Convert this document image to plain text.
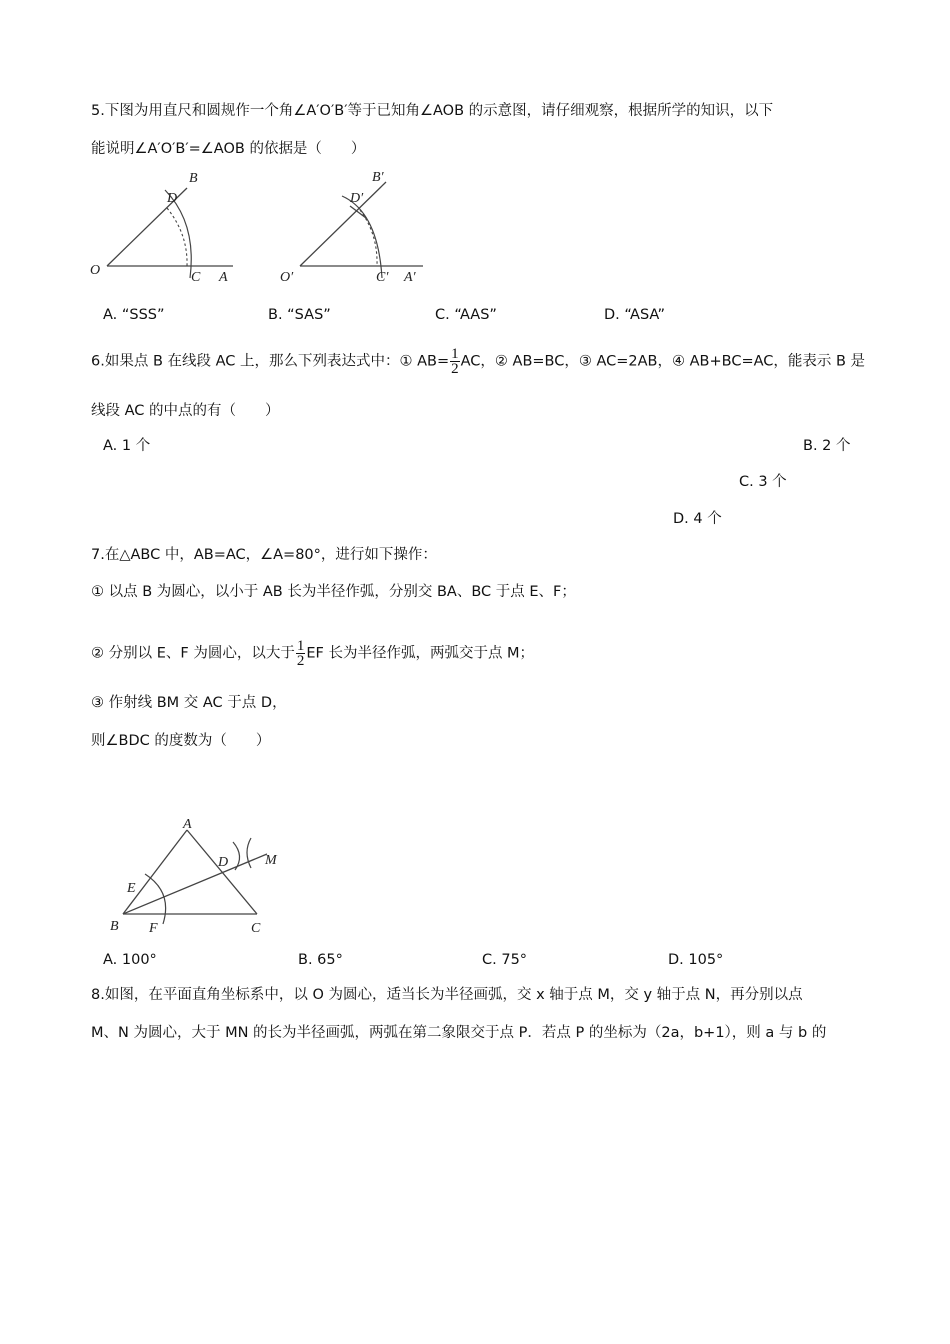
5.下图为用直尺和圆规作一个角∠A′O′B′等于已知角∠AOB 的示意图，请仔细观察，根据所学的知识，以下
能说明∠A′O′B′=∠AOB 的依据是（　　）
B
D
O	C A
B′
D′
O′	C′ A′
A. “SSS”	B. “SAS”	C. “AAS”	D. “ASA”
6.如果点 B 在线段 AC 上，那么下列表达式中：① $AB= \frac{1}{2}$ AC，② AB=BC，③ AC=2AB，④ AB+BC=AC，能表示 B 是
线段 AC 的中点的有（　　）
A. 1 个	B. 2 个
C. 3 个
D. 4 个
7.在△ABC 中，AB=AC，∠A=80°，进行如下操作：
① 以点 B 为圆心，以小于 AB 长为半径作弧，分别交 BA、BC 于点 E、F；
② 分别以 E、F 为圆心，以大于 $\frac{1}{2}$ EF 长为半径作弧，两弧交于点 M；
③ 作射线 BM 交 AC 于点 D，
则∠BDC 的度数为（　　）
A
D	M
E
B F	C
A. 100°	B. 65°	C. 75°	D. 105°
8.如图，在平面直角坐标系中，以 O 为圆心，适当长为半径画弧，交 x 轴于点 M，交 y 轴于点 N，再分别以点
M、N 为圆心，大于 MN 的长为半径画弧，两弧在第二象限交于点 P．若点 P 的坐标为（2a，b+1），则 a 与 b 的
